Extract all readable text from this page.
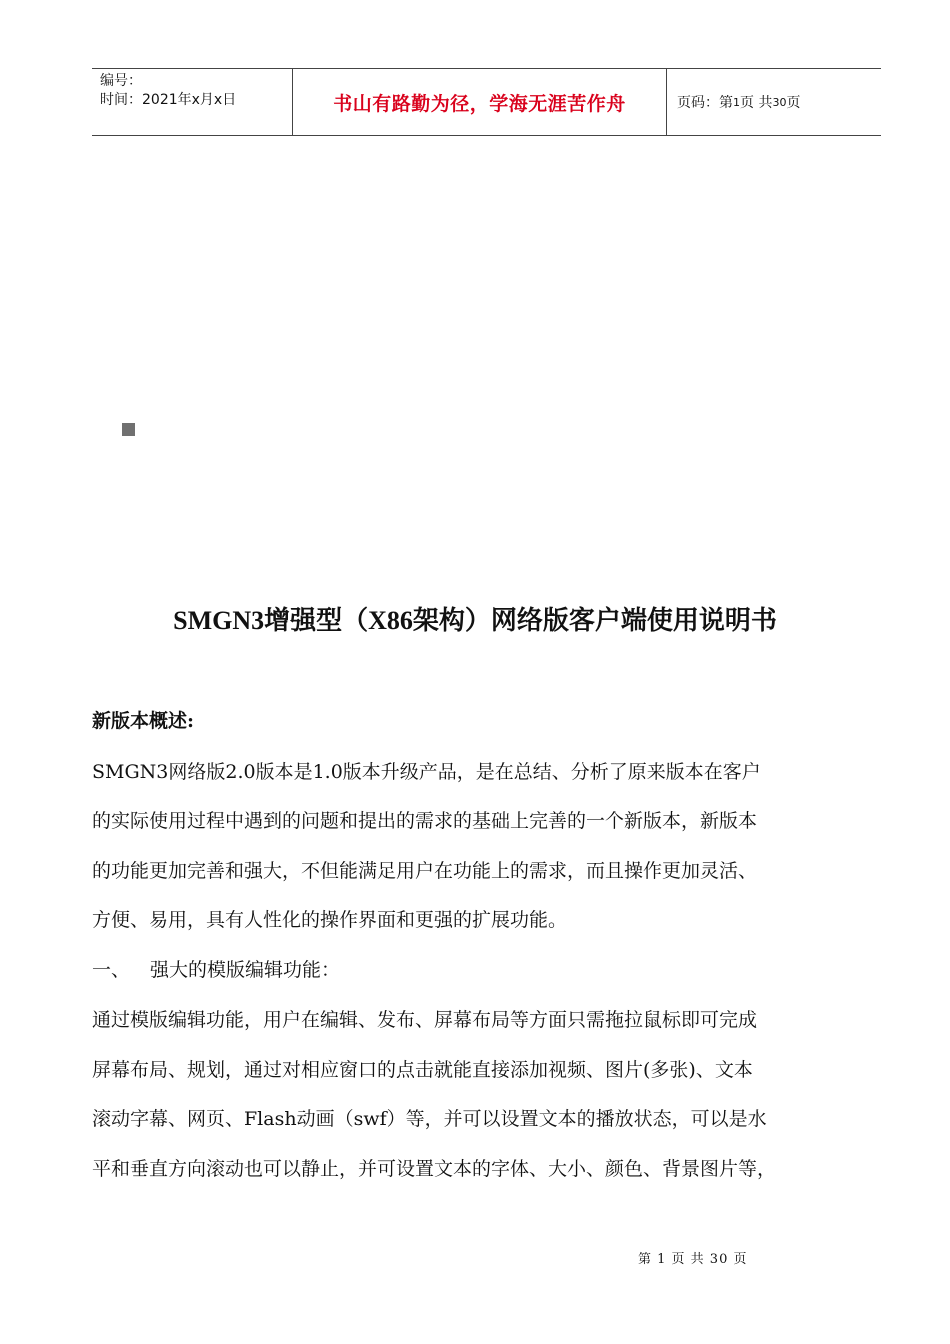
编号：
时间：2021年x月x日	书山有路勤为径，学海无涯苦作舟	页码：第 1 页 共 30 页
SMGN3增强型（X86架构）网络版客户端使用说明书
新版本概述:
SMGN3网络版2.0版本是1.0版本升级产品，是在总结、分析了原来版本在客户
的实际使用过程中遇到的问题和提出的需求的基础上完善的一个新版本，新版本
的功能更加完善和强大，不但能满足用户在功能上的需求，而且操作更加灵活、
方便、易用，具有人性化的操作界面和更强的扩展功能。
一、 强大的模版编辑功能：
通过模版编辑功能，用户在编辑、发布、屏幕布局等方面只需拖拉鼠标即可完成
屏幕布局、规划，通过对相应窗口的点击就能直接添加视频、图片(多张)、文本
滚动字幕、网页、Flash动画（swf）等，并可以设置文本的播放状态，可以是水
平和垂直方向滚动也可以静止，并可设置文本的字体、大小、颜色、背景图片等，
第 1 页 共 30 页
